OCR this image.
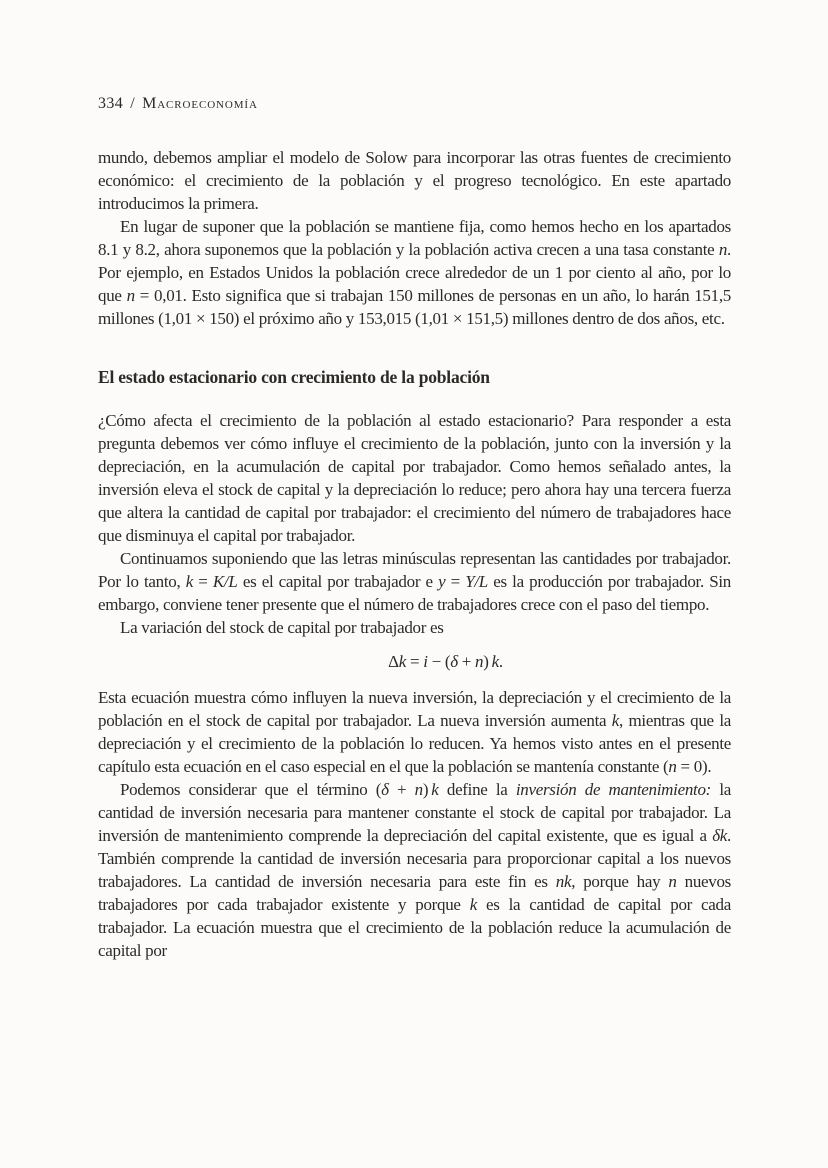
334 / Macroeconomía

mundo, debemos ampliar el modelo de Solow para incorporar las otras fuentes de crecimiento económico: el crecimiento de la población y el progreso tecnológico. En este apartado introducimos la primera.

En lugar de suponer que la población se mantiene fija, como hemos hecho en los apartados 8.1 y 8.2, ahora suponemos que la población y la población activa crecen a una tasa constante n. Por ejemplo, en Estados Unidos la población crece alrededor de un 1 por ciento al año, por lo que n = 0,01. Esto significa que si trabajan 150 millones de personas en un año, lo harán 151,5 millones (1,01 × 150) el próximo año y 153,015 (1,01 × 151,5) millones dentro de dos años, etc.

El estado estacionario con crecimiento de la población

¿Cómo afecta el crecimiento de la población al estado estacionario? Para responder a esta pregunta debemos ver cómo influye el crecimiento de la población, junto con la inversión y la depreciación, en la acumulación de capital por trabajador. Como hemos señalado antes, la inversión eleva el stock de capital y la depreciación lo reduce; pero ahora hay una tercera fuerza que altera la cantidad de capital por trabajador: el crecimiento del número de trabajadores hace que disminuya el capital por trabajador.

Continuamos suponiendo que las letras minúsculas representan las cantidades por trabajador. Por lo tanto, k = K/L es el capital por trabajador e y = Y/L es la producción por trabajador. Sin embargo, conviene tener presente que el número de trabajadores crece con el paso del tiempo.

La variación del stock de capital por trabajador es

Δk = i − (δ + n) k.

Esta ecuación muestra cómo influyen la nueva inversión, la depreciación y el crecimiento de la población en el stock de capital por trabajador. La nueva inversión aumenta k, mientras que la depreciación y el crecimiento de la población lo reducen. Ya hemos visto antes en el presente capítulo esta ecuación en el caso especial en el que la población se mantenía constante (n = 0).

Podemos considerar que el término (δ + n) k define la inversión de mantenimiento: la cantidad de inversión necesaria para mantener constante el stock de capital por trabajador. La inversión de mantenimiento comprende la depreciación del capital existente, que es igual a δk. También comprende la cantidad de inversión necesaria para proporcionar capital a los nuevos trabajadores. La cantidad de inversión necesaria para este fin es nk, porque hay n nuevos trabajadores por cada trabajador existente y porque k es la cantidad de capital por cada trabajador. La ecuación muestra que el crecimiento de la población reduce la acumulación de capital por
